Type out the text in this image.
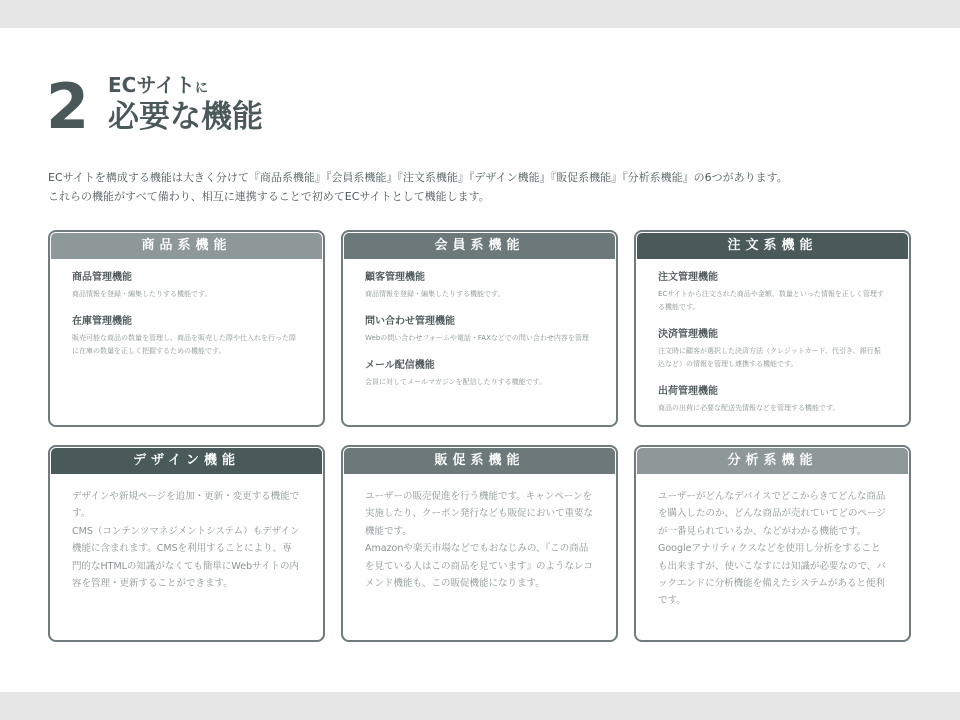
2 ECサイトに
必要な機能

ECサイトを構成する機能は大きく分けて『商品系機能』『会員系機能』『注文系機能』『デザイン機能』『販促系機能』『分析系機能』の6つがあります。

これらの機能がすべて備わり、相互に連携することで初めてECサイトとして機能します。

商品系機能
商品管理機能
商品情報を登録・編集したりする機能です。
在庫管理機能
販売可能な商品の数量を管理し、商品を販売した際や仕入れを行った際に在庫の数量を正しく把握するための機能です。
会員系機能
顧客管理機能
商品情報を登録・編集したりする機能です。
問い合わせ管理機能
Webの問い合わせフォームや電話・FAXなどでの問い合わせ内容を管理
メール配信機能
会員に対してメールマガジンを配信したりする機能です。
注文系機能
注文管理機能
ECサイトから注文された商品や金額、数量といった情報を正しく管理する機能です。
決済管理機能
注文時に顧客が選択した決済方法（クレジットカード、代引き、銀行振込など）の情報を管理し連携する機能です。
出荷管理機能
商品の出荷に必要な配送先情報などを管理する機能です。
デザイン機能

デザインや新規ページを追加・更新・変更する機能です。

CMS（コンテンツマネジメントシステム）もデザイン機能に含まれます。CMSを利用することにより、専門的なHTMLの知識がなくても簡単にWebサイトの内容を管理・更新することができます。

販促系機能

ユーザーの販売促進を行う機能です。キャンペーンを実施したり、クーポン発行なども販促において重要な機能です。

Amazonや楽天市場などでもおなじみの、『この商品を見ている人はこの商品を見ています』のようなレコメンド機能も、この販促機能になります。

分析系機能

ユーザーがどんなデバイスでどこからきてどんな商品を購入したのか、どんな商品が売れていてどのページが一番見られているか、などがわかる機能です。Googleアナリティクスなどを使用し分析をすることも出来ますが、使いこなすには知識が必要なので、バックエンドに分析機能を備えたシステムがあると便利です。
